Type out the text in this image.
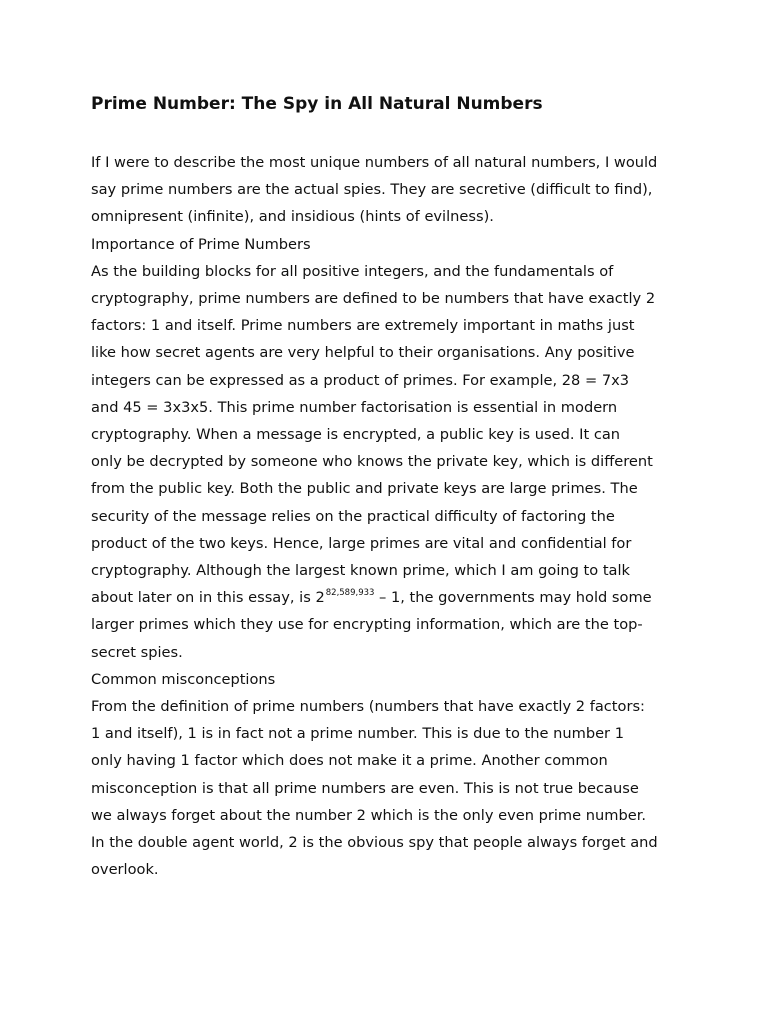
Prime Number: The Spy in All Natural Numbers

If I were to describe the most unique numbers of all natural numbers, I would
say prime numbers are the actual spies. They are secretive (difficult to find),
omnipresent (infinite), and insidious (hints of evilness).

Importance of Prime Numbers

As the building blocks for all positive integers, and the fundamentals of
cryptography, prime numbers are defined to be numbers that have exactly 2
factors: 1 and itself. Prime numbers are extremely important in maths just
like how secret agents are very helpful to their organisations. Any positive
integers can be expressed as a product of primes. For example, 28 = 7x3
and 45 = 3x3x5. This prime number factorisation is essential in modern
cryptography. When a message is encrypted, a public key is used. It can
only be decrypted by someone who knows the private key, which is different
from the public key. Both the public and private keys are large primes. The
security of the message relies on the practical difficulty of factoring the
product of the two keys. Hence, large primes are vital and confidential for
cryptography. Although the largest known prime, which I am going to talk
about later on in this essay, is 2$^{82,589,933}$ – 1, the governments may hold some
larger primes which they use for encrypting information, which are the top-
secret spies.

Common misconceptions

From the definition of prime numbers (numbers that have exactly 2 factors:
1 and itself), 1 is in fact not a prime number. This is due to the number 1
only having 1 factor which does not make it a prime. Another common
misconception is that all prime numbers are even. This is not true because
we always forget about the number 2 which is the only even prime number.
In the double agent world, 2 is the obvious spy that people always forget and
overlook.
